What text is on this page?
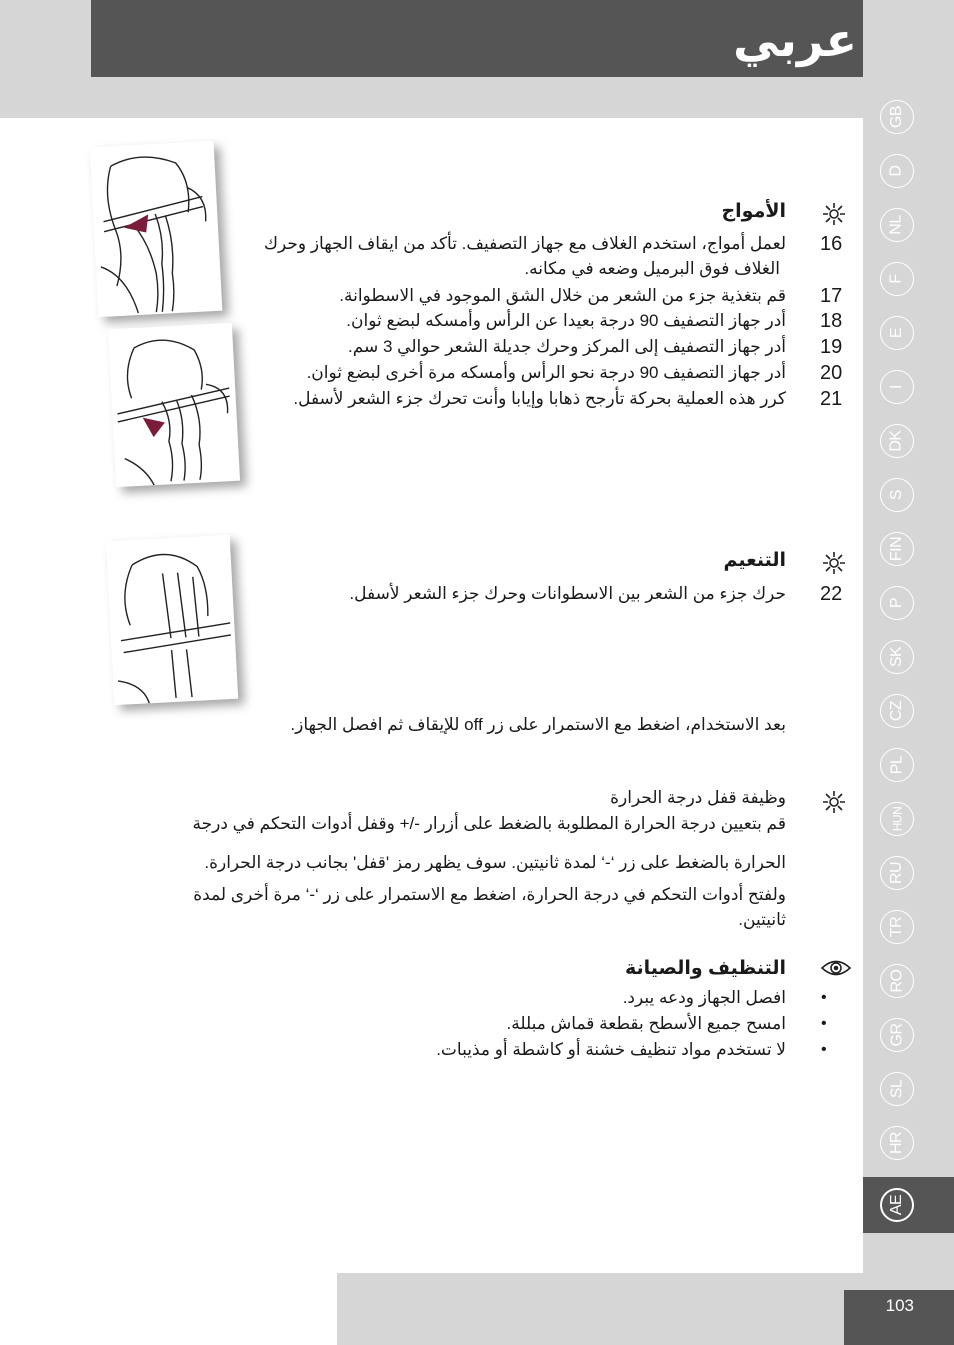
عربي
103
GB
D
NL
F
E
I
DK
S
FIN
P
SK
CZ
PL
HUN
RU
TR
RO
GR
SL
HR
AE
الأمواج
16
لعمل أمواج، استخدم الغلاف مع جهاز التصفيف. تأكد من ايقاف الجهاز وحرك
الغلاف فوق البرميل وضعه في مكانه.
17
قم بتغذية جزء من الشعر من خلال الشق الموجود في الاسطوانة.
18
أدر جهاز التصفيف 90 درجة بعيدا عن الرأس وأمسكه لبضع ثوان.
19
أدر جهاز التصفيف إلى المركز وحرك جديلة الشعر حوالي 3 سم.
20
أدر جهاز التصفيف 90 درجة نحو الرأس وأمسكه مرة أخرى لبضع ثوان.
21
كرر هذه العملية بحركة تأرجح ذهابا وإيابا وأنت تحرك جزء الشعر لأسفل.
التنعيم
22
حرك جزء من الشعر بين الاسطوانات وحرك جزء الشعر لأسفل.
بعد الاستخدام، اضغط مع الاستمرار على زر off للإيقاف ثم افصل الجهاز.
وظيفة قفل درجة الحرارة
قم بتعيين درجة الحرارة المطلوبة بالضغط على أزرار -/+ وقفل أدوات التحكم في درجة
الحرارة بالضغط على زر ‘-‘ لمدة ثانيتين. سوف يظهر رمز 'قفل' بجانب درجة الحرارة.
ولفتح أدوات التحكم في درجة الحرارة، اضغط مع الاستمرار على زر ‘-‘ مرة أخرى لمدة
ثانيتين.
التنظيف والصيانة
•
افصل الجهاز ودعه يبرد.
•
امسح جميع الأسطح بقطعة قماش مبللة.
•
لا تستخدم مواد تنظيف خشنة أو كاشطة أو مذيبات.
